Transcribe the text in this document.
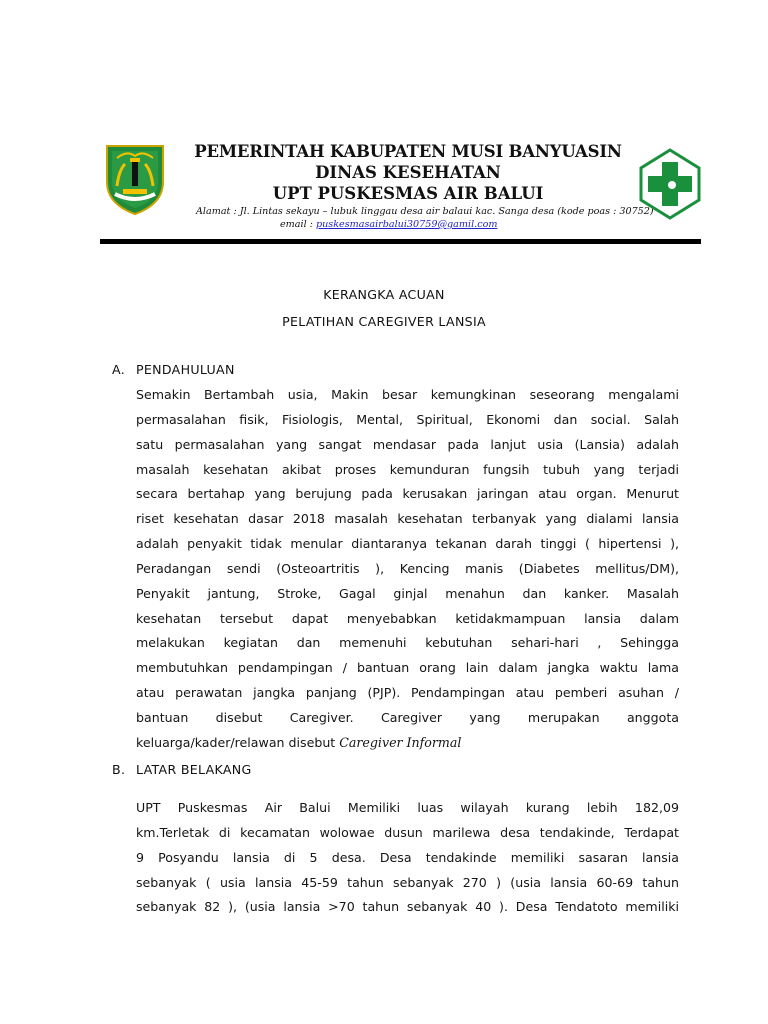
PEMERINTAH KABUPATEN MUSI BANYUASIN
DINAS KESEHATAN
UPT PUSKESMAS AIR BALUI
Alamat : Jl. Lintas sekayu – lubuk linggau desa air balaui kac. Sanga desa (kode poas : 30752)
email : puskesmasairbalui30759@gamil.com
KERANGKA ACUAN
PELATIHAN CAREGIVER LANSIA
A. PENDAHULUAN
Semakin Bertambah usia, Makin besar kemungkinan seseorang mengalami
permasalahan fisik, Fisiologis, Mental, Spiritual, Ekonomi dan social. Salah
satu permasalahan yang sangat mendasar pada lanjut usia (Lansia) adalah
masalah kesehatan akibat proses kemunduran fungsih tubuh yang terjadi
secara bertahap yang berujung pada kerusakan jaringan atau organ. Menurut
riset kesehatan dasar 2018 masalah kesehatan terbanyak yang dialami lansia
adalah penyakit tidak menular diantaranya tekanan darah tinggi ( hipertensi ),
Peradangan sendi (Osteoartritis ), Kencing manis (Diabetes mellitus/DM),
Penyakit jantung, Stroke, Gagal ginjal menahun dan kanker. Masalah
kesehatan tersebut dapat menyebabkan ketidakmampuan lansia dalam
melakukan kegiatan dan memenuhi kebutuhan sehari-hari , Sehingga
membutuhkan pendampingan / bantuan orang lain dalam jangka waktu lama
atau perawatan jangka panjang (PJP). Pendampingan atau pemberi asuhan /
bantuan disebut Caregiver. Caregiver yang merupakan anggota
keluarga/kader/relawan disebut Caregiver Informal
B. LATAR BELAKANG
UPT Puskesmas Air Balui Memiliki luas wilayah kurang lebih 182,09
km.Terletak di kecamatan wolowae dusun marilewa desa tendakinde, Terdapat
9 Posyandu lansia di 5 desa. Desa tendakinde memiliki sasaran lansia
sebanyak ( usia lansia 45-59 tahun sebanyak 270 ) (usia lansia 60-69 tahun
sebanyak 82 ), (usia lansia >70 tahun sebanyak 40 ). Desa Tendatoto memiliki
